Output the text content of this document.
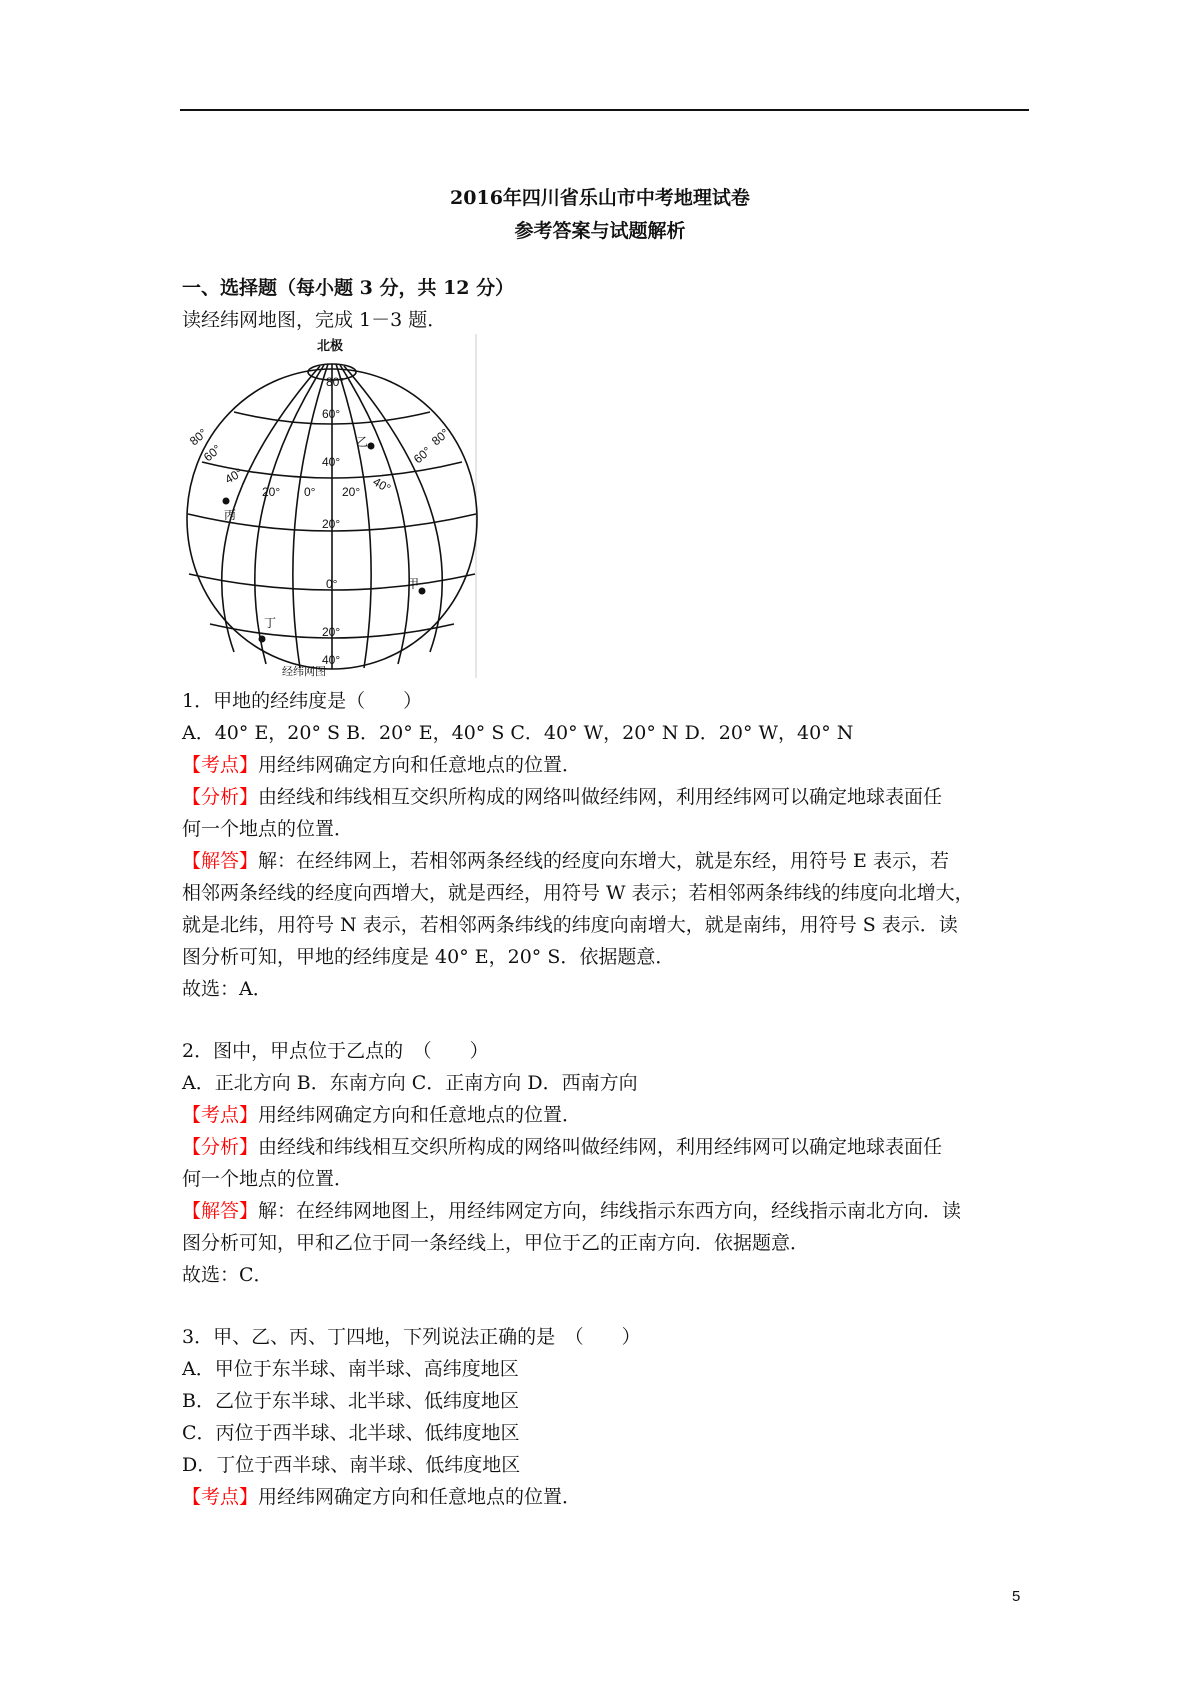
2016年四川省乐山市中考地理试卷
参考答案与试题解析
一、选择题（每小题 3 分，共 12 分）
读经纬网地图，完成 1－3 题．
北极
80°
60°
40°
20°
0°
20°
40°
80°
60°
40°
20° 0° 20° 40°
60°
80°
乙
丙
甲
丁
经纬网图
1．甲地的经纬度是（　　）
A．40° E，20° S B．20° E，40° S C．40° W，20° N D．20° W，40° N
【考点】用经纬网确定方向和任意地点的位置．
【分析】由经线和纬线相互交织所构成的网络叫做经纬网，利用经纬网可以确定地球表面任
何一个地点的位置．
【解答】解：在经纬网上，若相邻两条经线的经度向东增大，就是东经，用符号 E 表示，若
相邻两条经线的经度向西增大，就是西经，用符号 W 表示；若相邻两条纬线的纬度向北增大，
就是北纬，用符号 N 表示，若相邻两条纬线的纬度向南增大，就是南纬，用符号 S 表示．读
图分析可知，甲地的经纬度是 40° E，20° S．依据题意．
故选：A．
2．图中，甲点位于乙点的　（　　）
A．正北方向 B．东南方向 C．正南方向 D．西南方向
【考点】用经纬网确定方向和任意地点的位置．
【分析】由经线和纬线相互交织所构成的网络叫做经纬网，利用经纬网可以确定地球表面任
何一个地点的位置．
【解答】解：在经纬网地图上，用经纬网定方向，纬线指示东西方向，经线指示南北方向．读
图分析可知，甲和乙位于同一条经线上，甲位于乙的正南方向．依据题意．
故选：C．
3．甲、乙、丙、丁四地，下列说法正确的是　（　　）
A．甲位于东半球、南半球、高纬度地区
B．乙位于东半球、北半球、低纬度地区
C．丙位于西半球、北半球、低纬度地区
D．丁位于西半球、南半球、低纬度地区
【考点】用经纬网确定方向和任意地点的位置．
5
